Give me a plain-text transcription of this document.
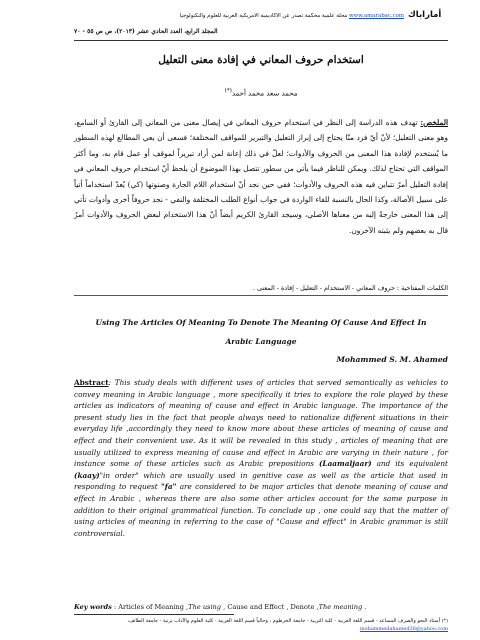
www.amarabac.com مجلة علمية محكمة تصدر عن الأكاديمية الأمريكية العربية للعلوم والتكنولوجيا	أماراباك
المجلد الرابع، العدد الحادي عشر (٢٠١٣)، ص ص ٥٥ - ٧٠
استخدام حروف المعاني في إفادة معنى التعليل
محمد سعد محمد أحمد(*)
الملخص: تهدف هذه الدراسة إلى النظر في استخدام حروف المعاني في إيصال معنى من المعاني إلى القارئ أو السامع، وهو معنى التعليل؛ لأنّ أيّ فرد منّا يحتاج إلى إبراز التعليل والتبرير للمواقف المختلفة؛ فسعى أن يعي المطالع لهذه السطور ما يُستخدم لإفادة هذا المعنى من الحروف والأدوات؛ لعلّ في ذلك إعانة لمن أراد تبريراً لموقف أو عمل قام به، وما أكثر المواقف التي تحتاج لذلك. ويمكن للناظر فيما يأتي من سطور تتصل بهذا الموضوع أن يلحظ أنّ استخدام حروف المعاني في إفادة التعليل أمرٌ تتباين فيه هذه الحروف والأدوات؛ ففي حين نجد أنّ استخدام اللام الجارة وصنوتها (كي) يُعدّ استخداماً أتياً على سبيل الأصالة، وكذا الحال بالنسبة للفاء الواردة في جواب أنواع الطلب المختلفة والنفي - نجد حروفاً أخرى وأدوات تأتي إلى هذا المعنى خارجةً إليه من معناها الأصلي، وسيجد القارئ الكريم أيضاً أنّ هذا الاستخدام لبعض الحروف والأدوات أمرٌ قال به بعضهم ولم يثبته الآخرون.
الكلمات المفتاحية : حروف المعاني - الاستخدام - التعليل - إفادة - المعنى .
Using The Articles Of Meaning To Denote The Meaning Of Cause And Effect In
Arabic Language
Mohammed S. M. Ahamed
Abstract: This study deals with different uses of articles that served semantically as vehicles to convey meaning in Arabic language , more specifically it tries to explore the role played by these articles as indicators of meaning of cause and effect in Arabic language. The importance of the present study lies in the fact that people always need to rationalize different situations in their everyday life ,accordingly they need to know more about these articles of meaning of cause and effect and their convenient use. As it will be revealed in this study , articles of meaning that are usually utilized to express meaning of cause and effect in Arabic are varying in their nature , for instance some of these articles such as Arabic prepositions (Laamaljaar) and its equivalent (kaay)"in order" which are usually used in genitive case as well as the article that used in responding to request "fa" are considered to be major articles that denote meaning of cause and effect in Arabic , whereas there are also some other articles account for the same purpose in addition to their original grammatical function. To conclude up , one could say that the matter of using articles of meaning in referring to the case of "Cause and effect" in Arabic grammar is still controversial.
Key words : Articles of Meaning ,The using , Cause and Effect , Denote ,The meaning .
(*) أستاذ النحو والصرف المساعد - قسم اللغة العربية - كلية التربية - جامعة الخرطوم ، وحالياً قسم اللغة العربية - كلية العلوم والآداب برنية - جامعة الطائف،
mohammedahamed36@yahoo.com
